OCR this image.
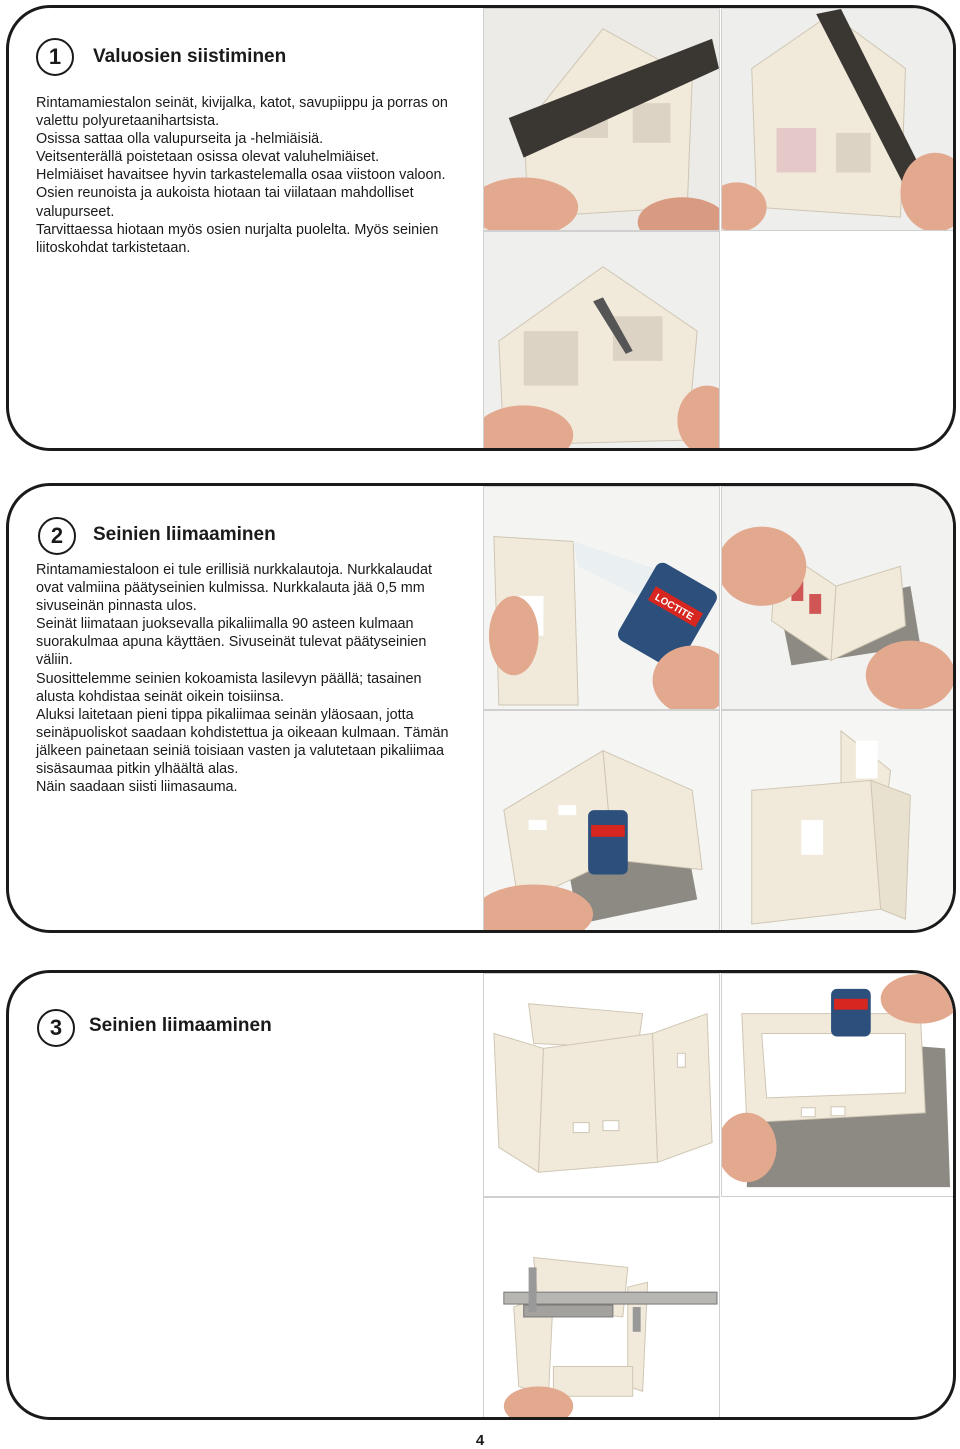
1 Valuosien siistiminen

Rintamamiestalon seinät, kivijalka, katot, savupiippu ja porras on valettu polyuretaanihartsista.

Osissa sattaa olla valupurseita ja -helmiäisiä.

Veitsenterällä poistetaan osissa olevat valuhelmiäiset.

Helmiäiset havaitsee hyvin tarkastelemalla osaa viistoon valoon.

Osien reunoista ja aukoista hiotaan tai viilataan mahdolliset valupurseet.

Tarvittaessa hiotaan myös osien nurjalta puolelta. Myös seinien liitoskohdat tarkistetaan.

2 Seinien liimaaminen

Rintamamiestaloon ei tule erillisiä nurkkalautoja. Nurkkalaudat ovat valmiina päätyseinien kulmissa. Nurkkalauta jää 0,5 mm sivuseinän pinnasta ulos.

Seinät liimataan juoksevalla pikaliimalla 90 asteen kulmaan suorakulmaa apuna käyttäen. Sivuseinät tulevat päätyseinien väliin.

Suosittelemme seinien kokoamista lasilevyn päällä; tasainen alusta kohdistaa seinät oikein toisiinsa.

Aluksi laitetaan pieni tippa pikaliimaa seinän yläosaan, jotta seinäpuoliskot saadaan kohdistettua ja oikeaan kulmaan. Tämän jälkeen painetaan seiniä toisiaan vasten ja valutetaan pikaliimaa sisäsaumaa pitkin ylhäältä alas.

Näin saadaan siisti liimasauma.

LOCTITE
3 Seinien liimaaminen
4
